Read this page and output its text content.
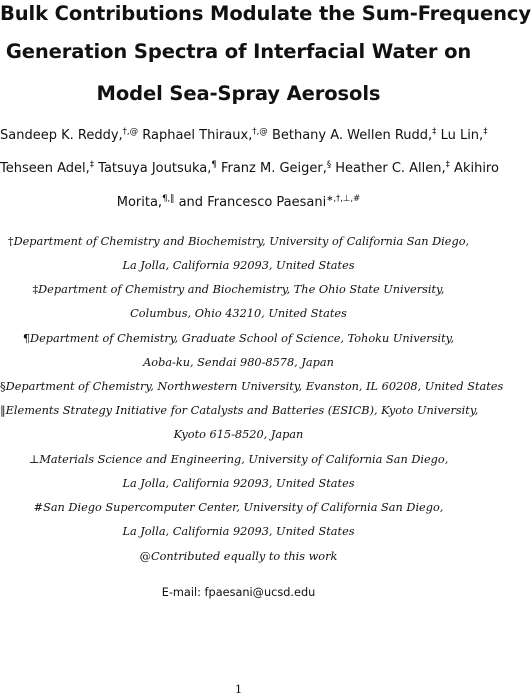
Bulk Contributions Modulate the Sum-Frequency
Generation Spectra of Interfacial Water on
Model Sea-Spray Aerosols
Sandeep K. Reddy,†,@ Raphael Thiraux,†,@ Bethany A. Wellen Rudd,‡ Lu Lin,‡
Tehseen Adel,‡ Tatsuya Joutsuka,¶ Franz M. Geiger,§ Heather C. Allen,‡ Akihiro
Morita,¶,‖ and Francesco Paesani∗,†,⊥,#
†Department of Chemistry and Biochemistry, University of California San Diego,
La Jolla, California 92093, United States
‡Department of Chemistry and Biochemistry, The Ohio State University,
Columbus, Ohio 43210, United States
¶Department of Chemistry, Graduate School of Science, Tohoku University,
Aoba-ku, Sendai 980-8578, Japan
§Department of Chemistry, Northwestern University, Evanston, IL 60208, United States
‖Elements Strategy Initiative for Catalysts and Batteries (ESICB), Kyoto University,
Kyoto 615-8520, Japan
⊥Materials Science and Engineering, University of California San Diego,
La Jolla, California 92093, United States
#San Diego Supercomputer Center, University of California San Diego,
La Jolla, California 92093, United States
@Contributed equally to this work
E-mail: fpaesani@ucsd.edu
1
